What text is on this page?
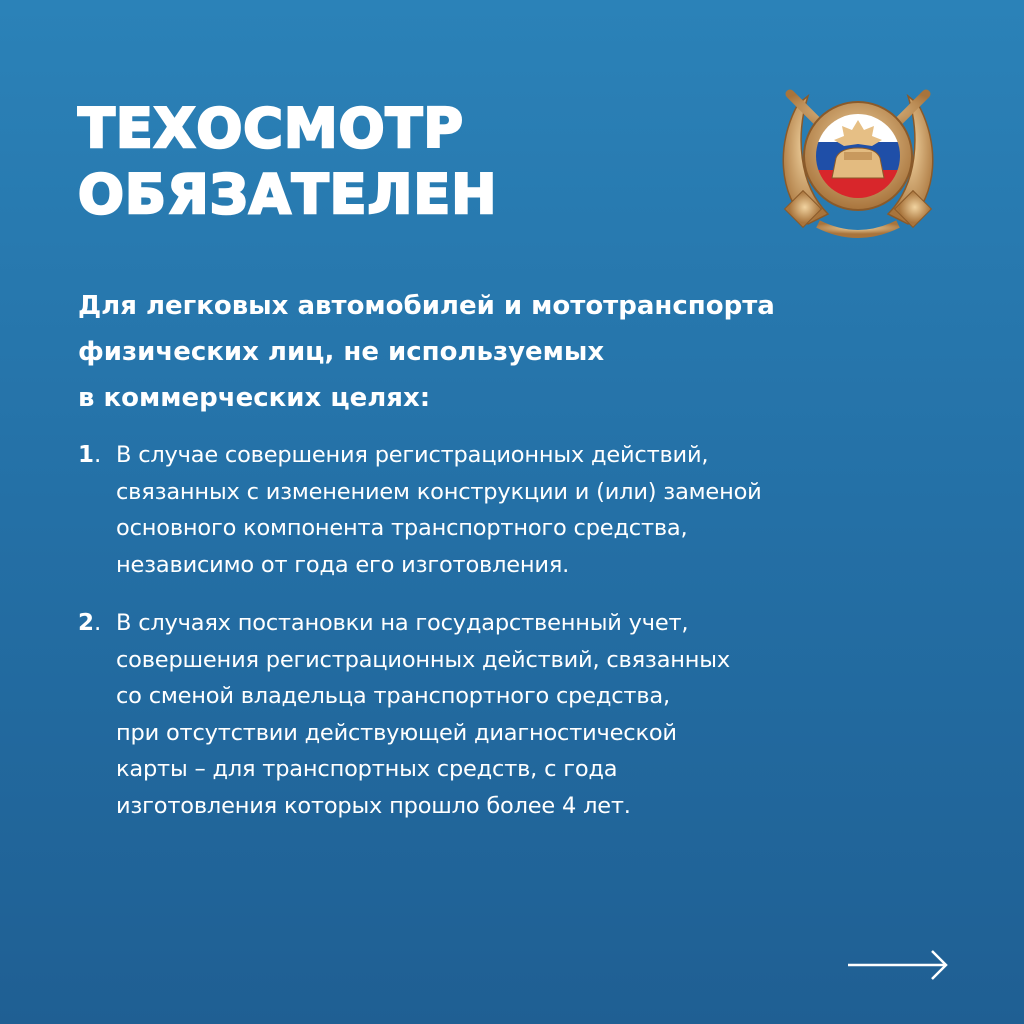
ТЕХОСМОТР
ОБЯЗАТЕЛЕН
Для легковых автомобилей и мототранспорта
физических лиц, не используемых
в коммерческих целях:
1. В случае совершения регистрационных действий,
связанных с изменением конструкции и (или) заменой
основного компонента транспортного средства,
независимо от года его изготовления.
2. В случаях постановки на государственный учет,
совершения регистрационных действий, связанных
со сменой владельца транспортного средства,
при отсутствии действующей диагностической
карты – для транспортных средств, с года
изготовления которых прошло более 4 лет.
